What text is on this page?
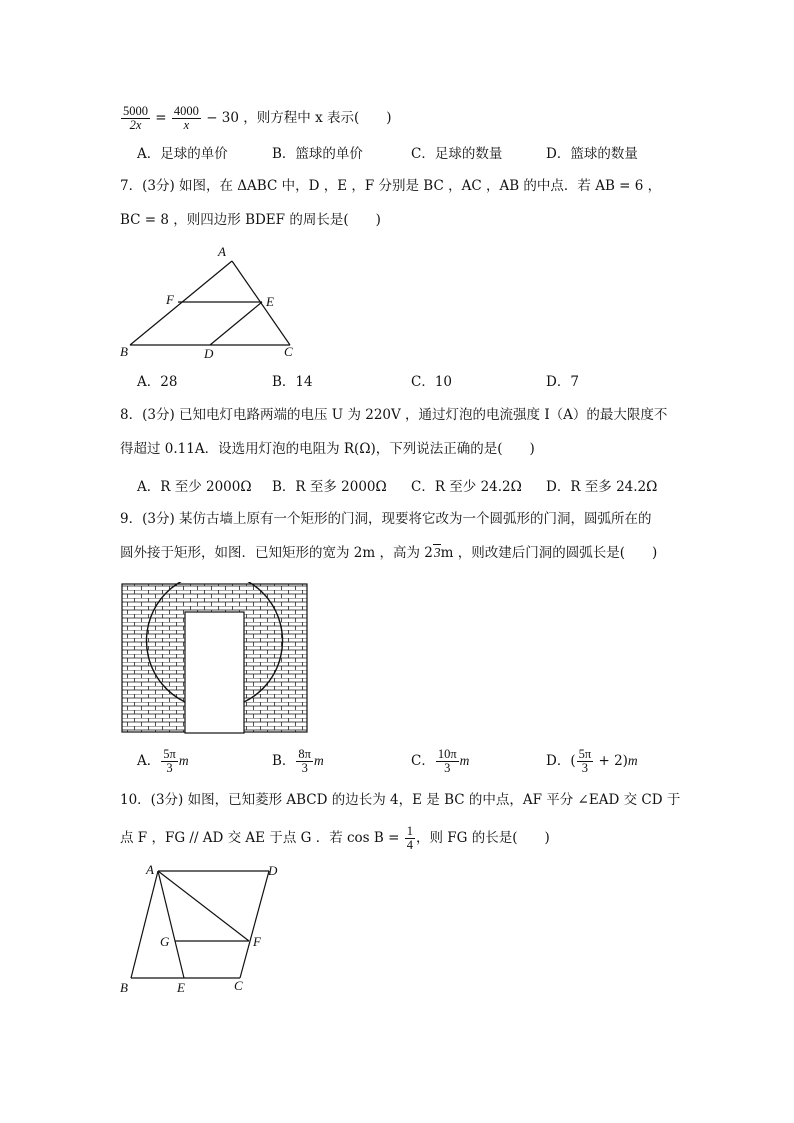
$\frac{5000}{2x} = \frac{4000}{x} - 30$ ，则方程中 x 表示(　　)
A．足球的单价	B．篮球的单价	C．足球的数量	D．篮球的数量
7．(3分) 如图，在 ΔABC 中，D ，E ，F 分别是 BC ，AC ，AB 的中点．若 AB = 6 ，
BC = 8 ，则四边形 BDEF 的周长是(　　)
A
B	C
D
E
F
A．28	B．14	C．10	D．7
8．(3分) 已知电灯电路两端的电压 U 为 220V ，通过灯泡的电流强度 I（A）的最大限度不
得超过 0.11A．设选用灯泡的电阻为 R(Ω)，下列说法正确的是(　　)
A．R 至少 2000Ω B．R 至多 2000Ω C．R 至少 24.2Ω D．R 至多 24.2Ω
9．(3分) 某仿古墙上原有一个矩形的门洞，现要将它改为一个圆弧形的门洞，圆弧所在的
圆外接于矩形，如图．已知矩形的宽为 2m ，高为 23m ，则改建后门洞的圆弧长是(　　)
A． $\frac{5\pi}{3}$ m	B． $\frac{8\pi}{3}$ m	C． $\frac{10\pi}{3}$ m	D．( $\frac{5\pi}{3} + 2)m$
10．(3分) 如图，已知菱形 ABCD 的边长为 4，E 是 BC 的中点，AF 平分 ∠EAD 交 CD 于
点 F ，FG // AD 交 AE 于点 G ．若 $\cos B = \frac{1}{4}$ ，则 FG 的长是(　　)
A
B	C
D
E
F
G
